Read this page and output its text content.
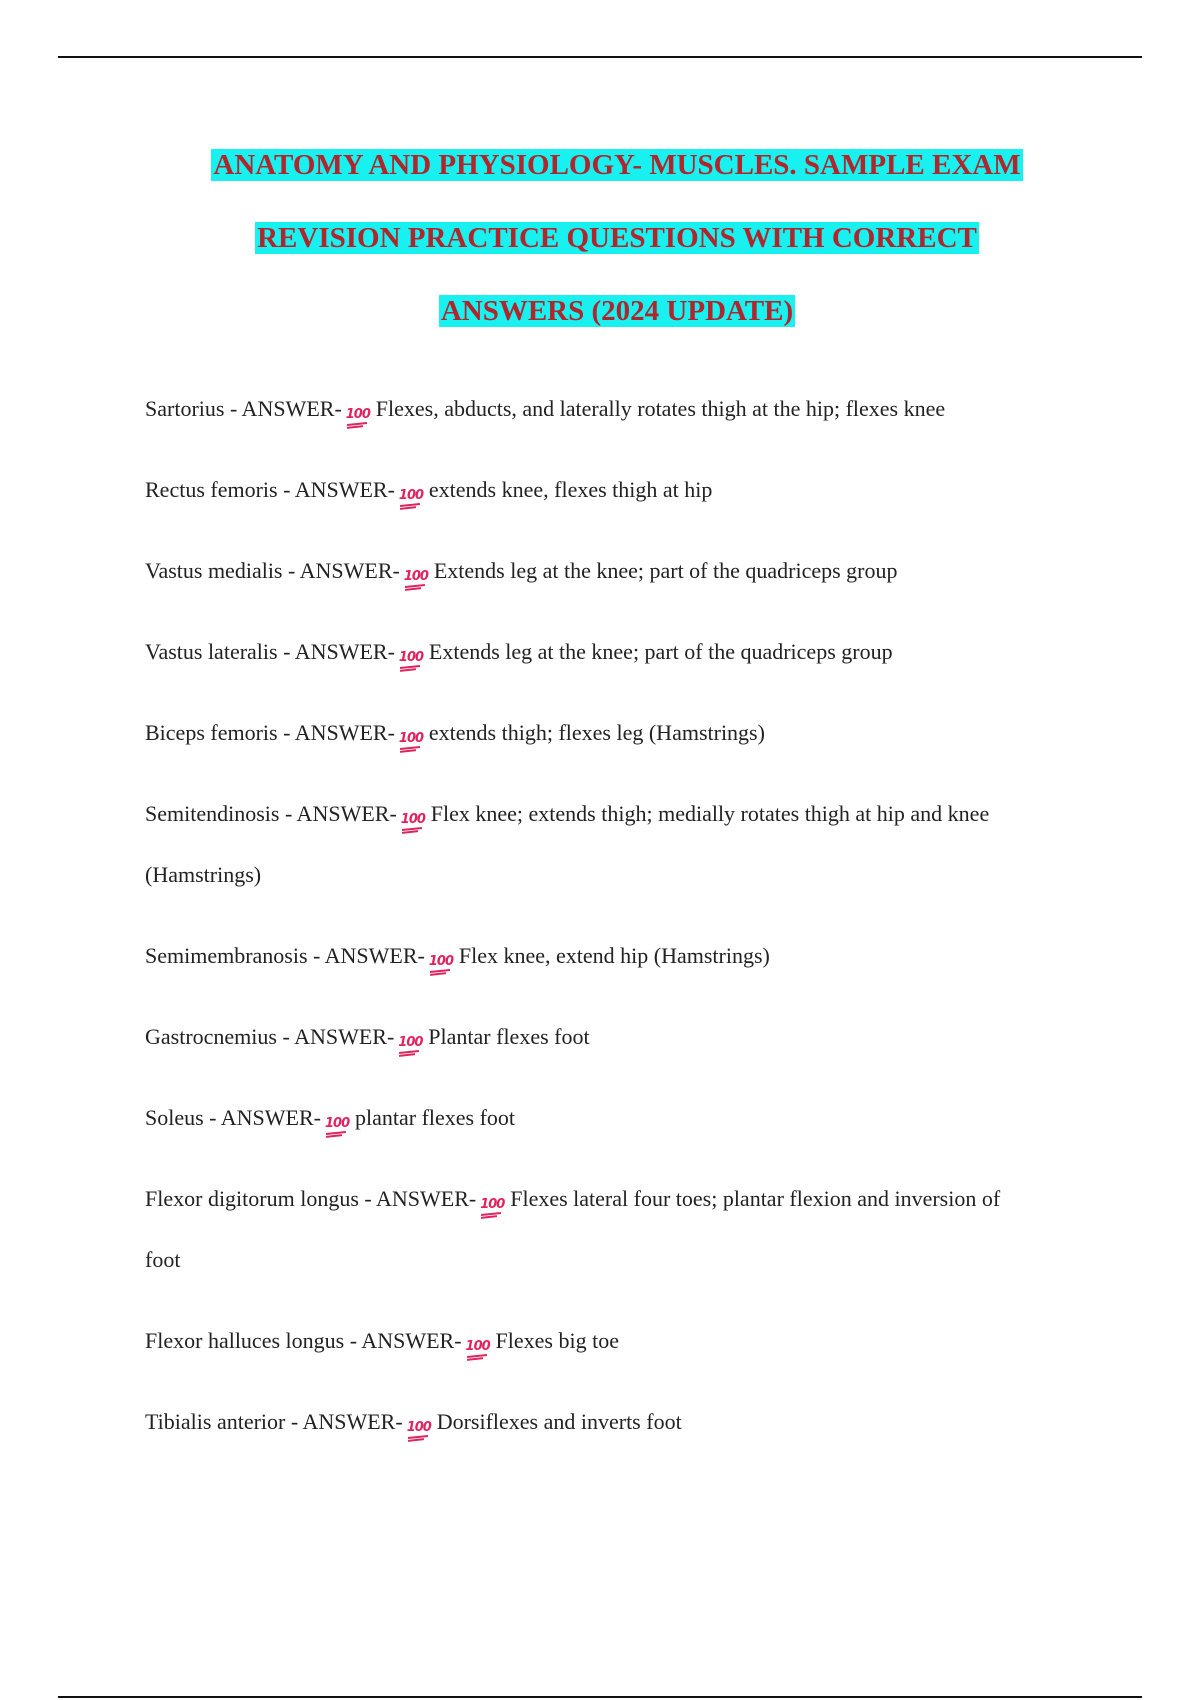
ANATOMY AND PHYSIOLOGY- MUSCLES. SAMPLE EXAM
REVISION PRACTICE QUESTIONS WITH CORRECT
ANSWERS (2024 UPDATE)
Sartorius - ANSWER- 100 Flexes, abducts, and laterally rotates thigh at the hip; flexes knee
Rectus femoris - ANSWER- 100 extends knee, flexes thigh at hip
Vastus medialis - ANSWER- 100 Extends leg at the knee; part of the quadriceps group
Vastus lateralis - ANSWER- 100 Extends leg at the knee; part of the quadriceps group
Biceps femoris - ANSWER- 100 extends thigh; flexes leg (Hamstrings)
Semitendinosis - ANSWER- 100 Flex knee; extends thigh; medially rotates thigh at hip and knee
(Hamstrings)
Semimembranosis - ANSWER- 100 Flex knee, extend hip (Hamstrings)
Gastrocnemius - ANSWER- 100 Plantar flexes foot
Soleus - ANSWER- 100 plantar flexes foot
Flexor digitorum longus - ANSWER- 100 Flexes lateral four toes; plantar flexion and inversion of
foot
Flexor halluces longus - ANSWER- 100 Flexes big toe
Tibialis anterior - ANSWER- 100 Dorsiflexes and inverts foot
